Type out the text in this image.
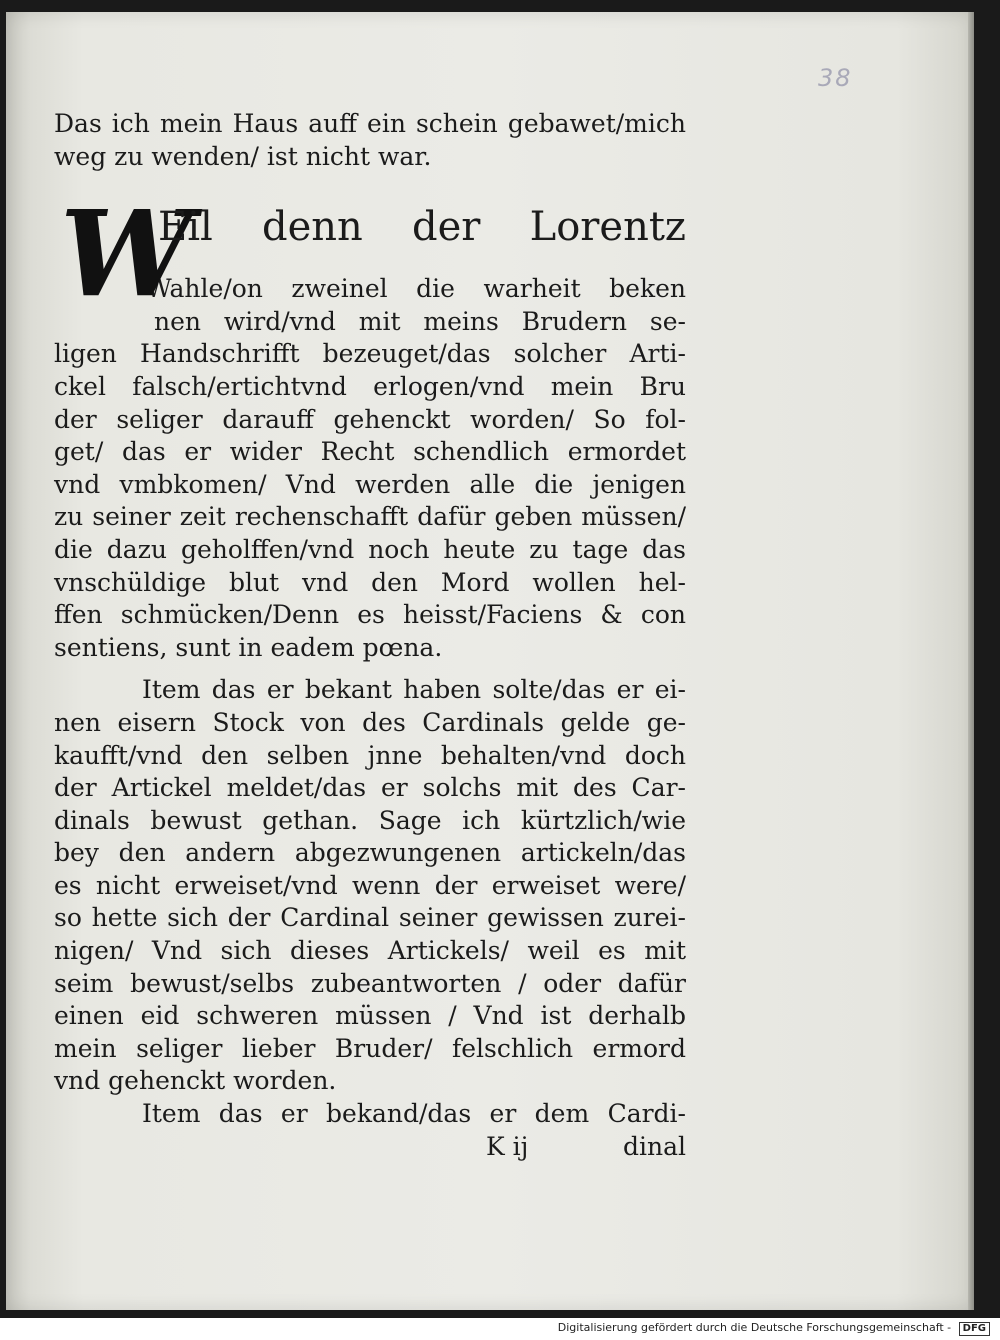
38
Das ich mein Haus auff ein schein gebawet/mich
weg zu wenden/ ist nicht war.
W
Eil denn der Lorentz
Wahle/on zweinel die warheit beken
nen wird/vnd mit meins Brudern se-
ligen Handschrifft bezeuget/das solcher Arti-
ckel falsch/ertichtvnd erlogen/vnd mein Bru
der seliger darauff gehenckt worden/ So fol-
get/ das er wider Recht schendlich ermordet
vnd vmbkomen/ Vnd werden alle die jenigen
zu seiner zeit rechenschafft dafür geben müssen/
die dazu geholffen/vnd noch heute zu tage das
vnschüldige blut vnd den Mord wollen hel-
ffen schmücken/Denn es heisst/Faciens & con
sentiens, sunt in eadem pœna.
Item das er bekant haben solte/das er ei-
nen eisern Stock von des Cardinals gelde ge-
kaufft/vnd den selben jnne behalten/vnd doch
der Artickel meldet/das er solchs mit des Car-
dinals bewust gethan. Sage ich kürtzlich/wie
bey den andern abgezwungenen artickeln/das
es nicht erweiset/vnd wenn der erweiset were/
so hette sich der Cardinal seiner gewissen zurei-
nigen/ Vnd sich dieses Artickels/ weil es mit
seim bewust/selbs zubeantworten / oder dafür
einen eid schweren müssen / Vnd ist derhalb
mein seliger lieber Bruder/ felschlich ermord
vnd gehenckt worden.
Item das er bekand/das er dem Cardi-
K ij	dinal
Digitalisierung gefördert durch die Deutsche Forschungsgemeinschaft - DFG
